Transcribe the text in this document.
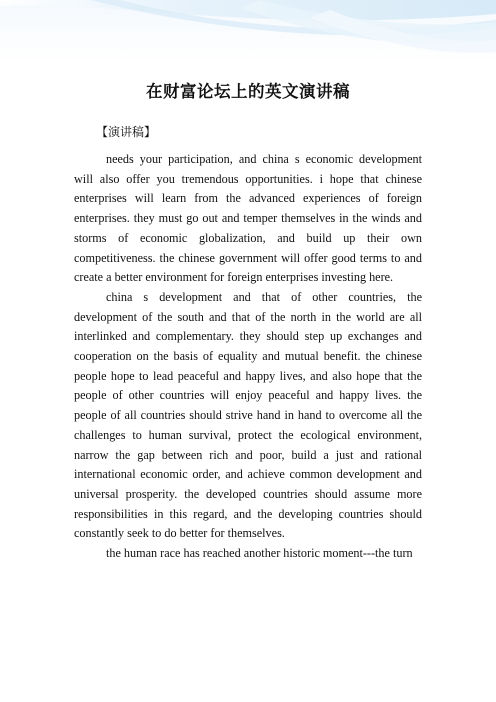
在财富论坛上的英文演讲稿
【演讲稿】

needs your participation, and china s economic development will also offer you tremendous opportunities. i hope that chinese enterprises will learn from the advanced experiences of foreign enterprises. they must go out and temper themselves in the winds and storms of economic globalization, and build up their own competitiveness. the chinese government will offer good terms to and create a better environment for foreign enterprises investing here.

china s development and that of other countries, the development of the south and that of the north in the world are all interlinked and complementary. they should step up exchanges and cooperation on the basis of equality and mutual benefit. the chinese people hope to lead peaceful and happy lives, and also hope that the people of other countries will enjoy peaceful and happy lives. the people of all countries should strive hand in hand to overcome all the challenges to human survival, protect the ecological environment, narrow the gap between rich and poor, build a just and rational international economic order, and achieve common development and universal prosperity. the developed countries should assume more responsibilities in this regard, and the developing countries should constantly seek to do better for themselves.

the human race has reached another historic moment---the turn
